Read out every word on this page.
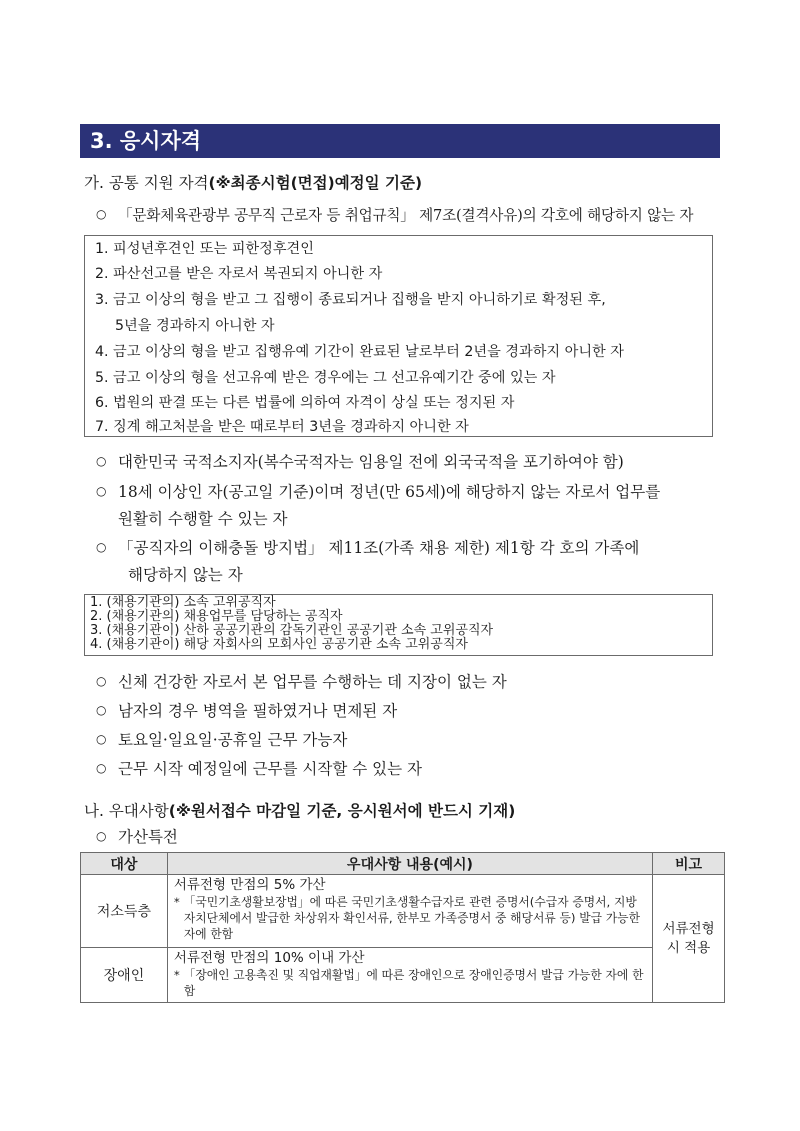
3. 응시자격
가. 공통 지원 자격(※최종시험(면접)예정일 기준)
○ 「문화체육관광부 공무직 근로자 등 취업규칙」 제7조(결격사유)의 각호에 해당하지 않는 자
1. 피성년후견인 또는 피한정후견인
2. 파산선고를 받은 자로서 복권되지 아니한 자
3. 금고 이상의 형을 받고 그 집행이 종료되거나 집행을 받지 아니하기로 확정된 후,
5년을 경과하지 아니한 자
4. 금고 이상의 형을 받고 집행유예 기간이 완료된 날로부터 2년을 경과하지 아니한 자
5. 금고 이상의 형을 선고유예 받은 경우에는 그 선고유예기간 중에 있는 자
6. 법원의 판결 또는 다른 법률에 의하여 자격이 상실 또는 정지된 자
7. 징계 해고처분을 받은 때로부터 3년을 경과하지 아니한 자
○ 대한민국 국적소지자(복수국적자는 임용일 전에 외국국적을 포기하여야 함)
○ 18세 이상인 자(공고일 기준)이며 정년(만 65세)에 해당하지 않는 자로서 업무를
원활히 수행할 수 있는 자
○ 「공직자의 이해충돌 방지법」 제11조(가족 채용 제한) 제1항 각 호의 가족에
해당하지 않는 자
1. (채용기관의) 소속 고위공직자
2. (채용기관의) 채용업무를 담당하는 공직자
3. (채용기관이) 산하 공공기관의 감독기관인 공공기관 소속 고위공직자
4. (채용기관이) 해당 자회사의 모회사인 공공기관 소속 고위공직자
○ 신체 건강한 자로서 본 업무를 수행하는 데 지장이 없는 자
○ 남자의 경우 병역을 필하였거나 면제된 자
○ 토요일·일요일·공휴일 근무 가능자
○ 근무 시작 예정일에 근무를 시작할 수 있는 자
나. 우대사항(※원서접수 마감일 기준, 응시원서에 반드시 기재)
○ 가산특전
대상	우대사항 내용(예시)	비고
저소득층	서류전형 만점의 5% 가산
* 「국민기초생활보장법」에 따른 국민기초생활수급자로 관련 증명서(수급자 증명서, 지방자치단체에서 발급한 차상위자 확인서류, 한부모 가족증명서 중 해당서류 등) 발급 가능한 자에 한함	서류전형 시 적용
장애인	서류전형 만점의 10% 이내 가산
* 「장애인 고용촉진 및 직업재활법」에 따른 장애인으로 장애인증명서 발급 가능한 자에 한함	
